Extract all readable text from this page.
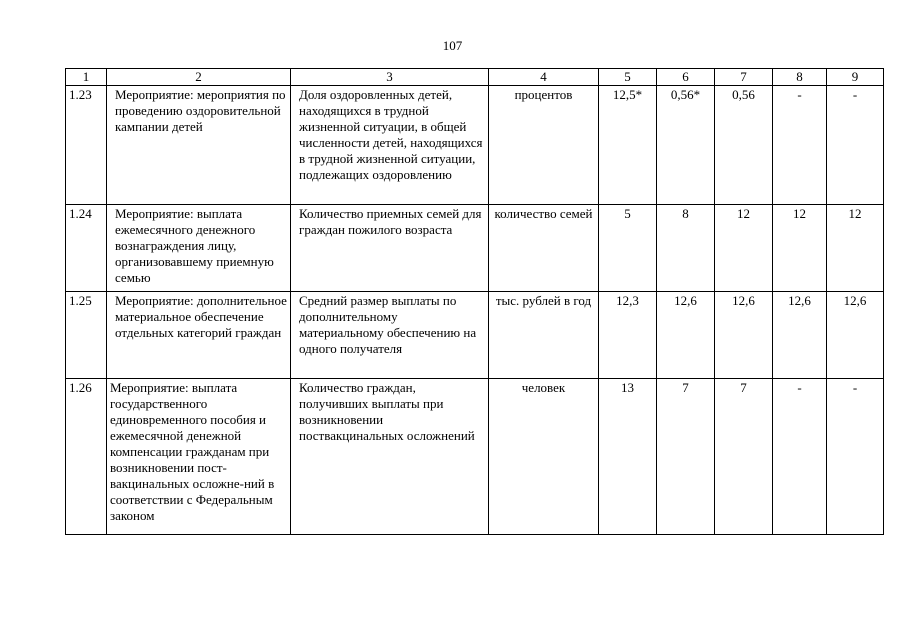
107
1	2	3	4	5	6	7	8	9
1.23	Мероприятие: мероприятия по проведению оздоровительной кампании детей	Доля оздоровленных детей, находящихся в трудной жизненной ситуации, в общей численности детей, находящихся в трудной жизненной ситуации, подлежащих оздоровлению	процентов	12,5*	0,56*	0,56	-	-
1.24	Мероприятие: выплата ежемесячного денежного вознаграждения лицу, организовавшему приемную семью	Количество приемных семей для граждан пожилого возраста	количество семей	5	8	12	12	12
1.25	Мероприятие: дополнительное материальное обеспечение отдельных категорий граждан	Средний размер выплаты по дополнительному материальному обеспечению на одного получателя	тыс. рублей в год	12,3	12,6	12,6	12,6	12,6
1.26	Мероприятие: выплата государственного единовременного пособия и ежемесячной денежной компенсации гражданам при возникновении пост-вакцинальных осложне-ний в соответствии с Федеральным законом	Количество граждан, получивших выплаты при возникновении поствакцинальных осложнений	человек	13	7	7	-	-
